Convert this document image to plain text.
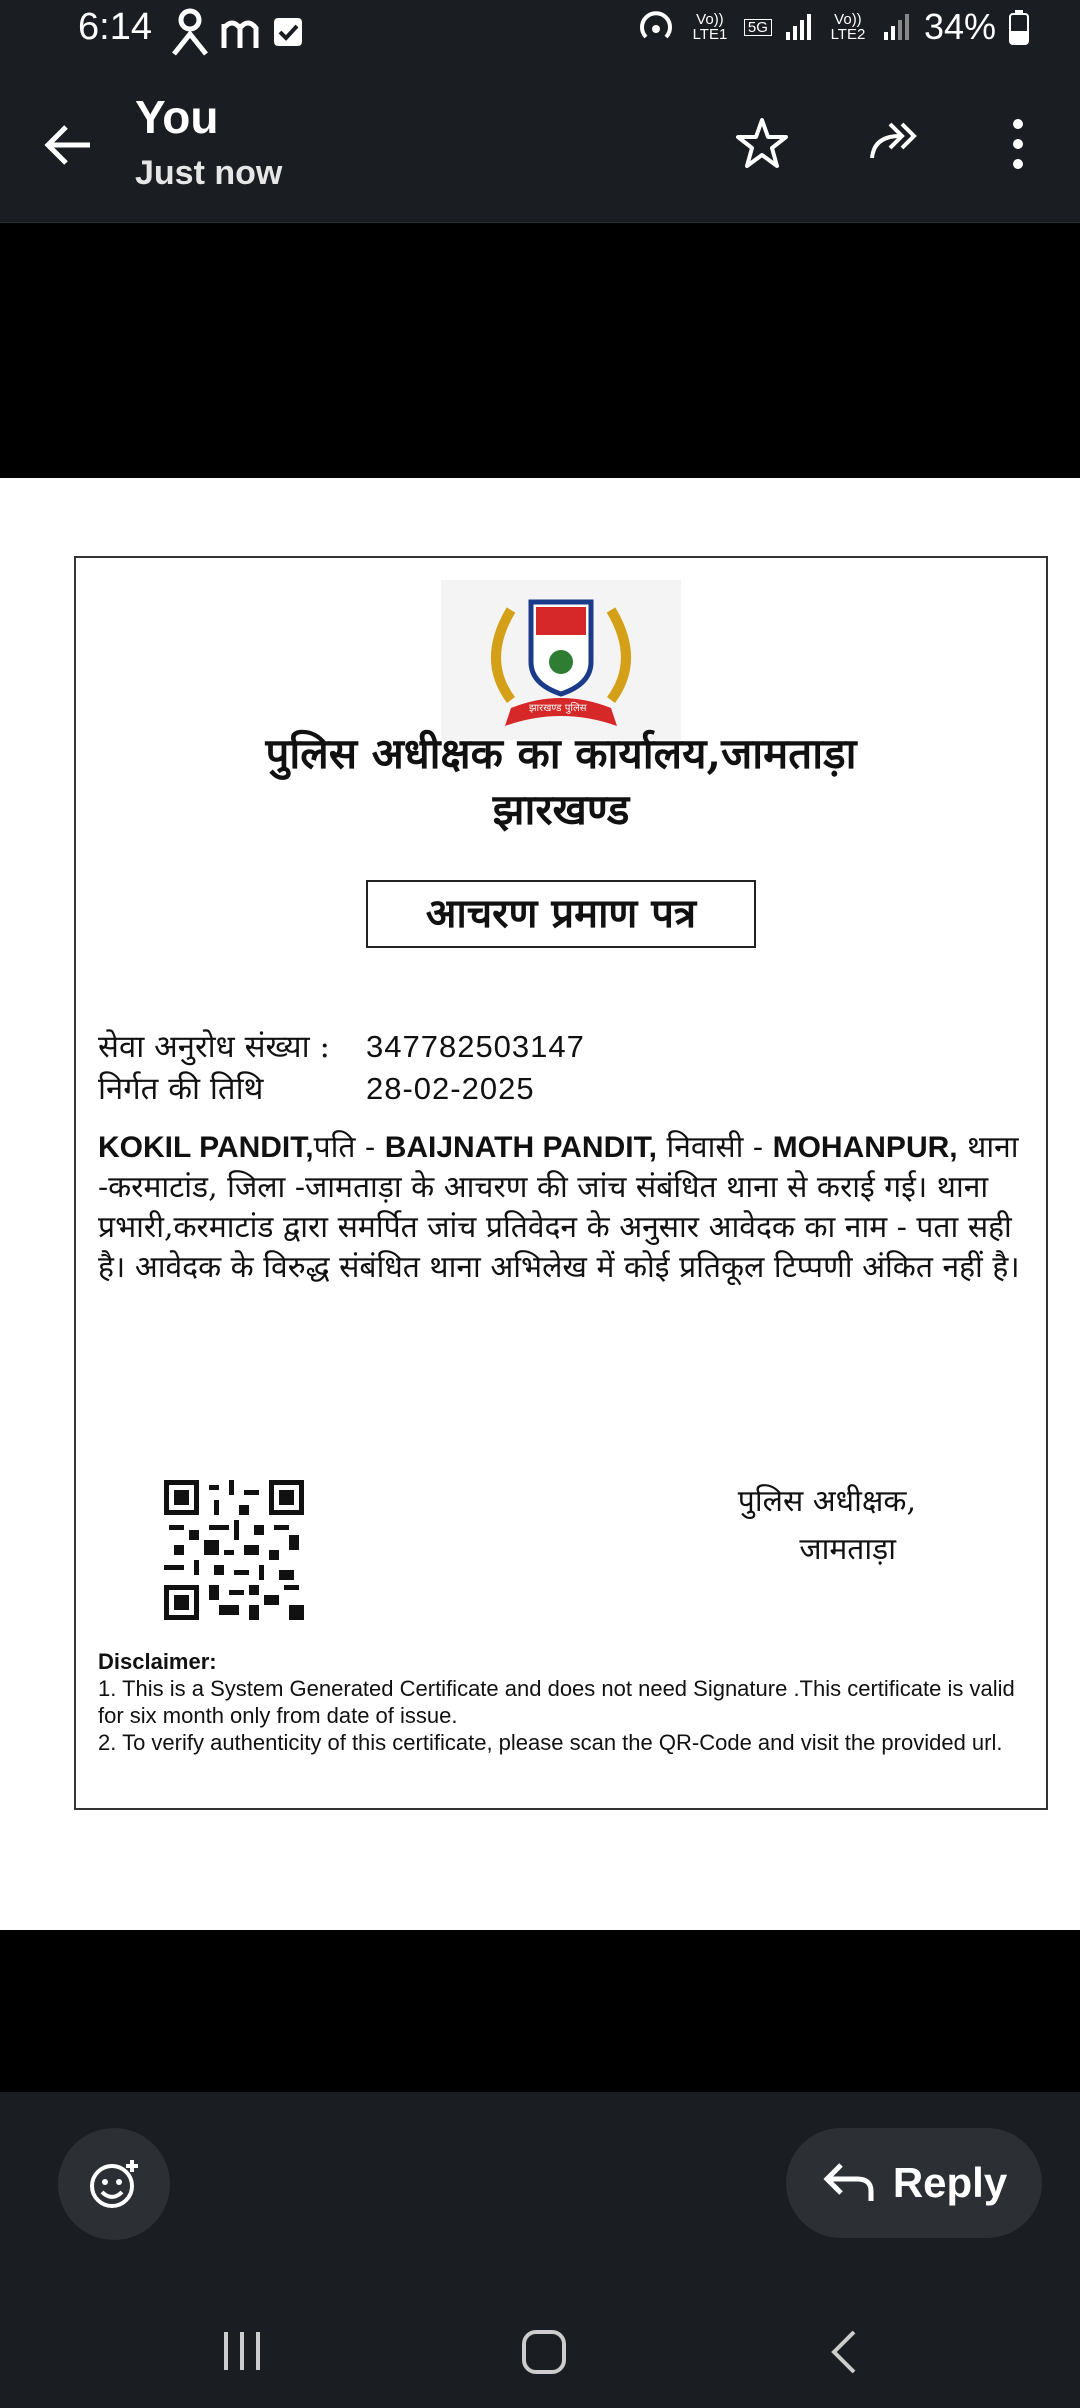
6:14	Vo)) LTE1	5G	Vo)) LTE2 34%
You
Just now
झारखण्ड पुलिस
पुलिस अधीक्षक का कार्यालय,जामताड़ा
झारखण्ड
आचरण प्रमाण पत्र
सेवा अनुरोध संख्या :	347782503147
निर्गत की तिथि	28-02-2025
KOKIL PANDIT,पति - BAIJNATH PANDIT, निवासी - MOHANPUR, थाना -करमाटांड, जिला -जामताड़ा के आचरण की जांच संबंधित थाना से कराई गई। थाना प्रभारी,करमाटांड द्वारा समर्पित जांच प्रतिवेदन के अनुसार आवेदक का नाम - पता सही है। आवेदक के विरुद्ध संबंधित थाना अभिलेख में कोई प्रतिकूल टिप्पणी अंकित नहीं है।
पुलिस अधीक्षक,
जामताड़ा
Disclaimer:
1. This is a System Generated Certificate and does not need Signature .This certificate is valid for six month only from date of issue.
2. To verify authenticity of this certificate, please scan the QR-Code and visit the provided url.
Reply
